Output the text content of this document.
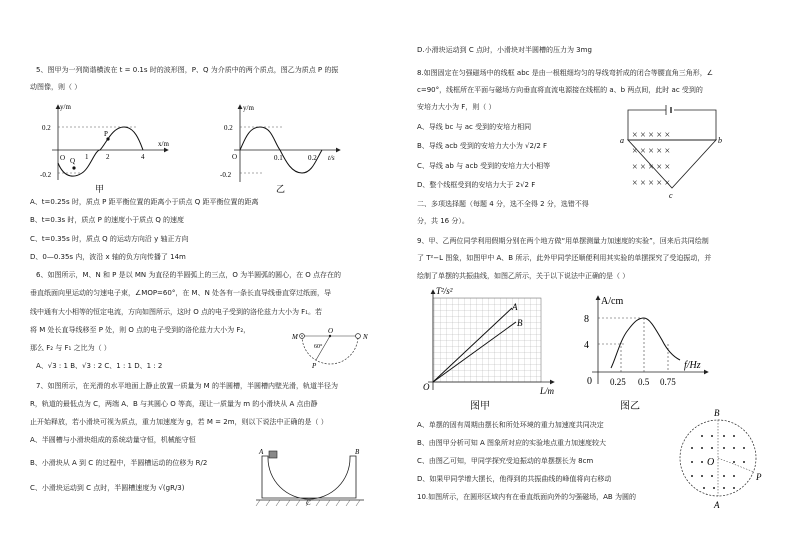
5、图甲为一列简谐横波在 t = 0.1s 时的波形图，P、Q 为介质中的两个质点，图乙为质点 P 的振
动图像，则（ ）
y/m
x/m
0.2
-0.2
O	1	2	4
P
Q
甲
y/m
t/s
0.2
-0.2
O	0.1	0.2
乙
A、t=0.25s 时，质点 P 距平衡位置的距离小于质点 Q 距平衡位置的距离
B、t=0.3s 时，质点 P 的速度小于质点 Q 的速度
C、t=0.35s 时，质点 Q 的运动方向沿 y 轴正方向
D、0—0.35s 内，波沿 x 轴的负方向传播了 14m
6、如图所示，M、N 和 P 是以 MN 为直径的半圆弧上的三点，O 为半圆弧的圆心，在 O 点存在的
垂直纸面向里运动的匀速电子束，∠MOP=60°，在 M、N 处各有一条长直导线垂直穿过纸面，导
线中通有大小相等的恒定电流，方向如图所示，这时 O 点的电子受到的洛伦兹力大小为 F₁。若
将 M 处长直导线移至 P 处，则 O 点的电子受到的洛伦兹力大小为 F₂，
那么 F₂ 与 F₁ 之比为（ ）
A、√3 : 1 B、√3 : 2 C、1 : 1 D、1 : 2
M	N
O
P
60°
7、如图所示，在光滑的水平地面上静止放置一质量为 M 的半圆槽，半圆槽内壁光滑，轨道半径为
R，轨道的最低点为 C，两端 A、B 与其圆心 O 等高，现让一质量为 m 的小滑块从 A 点由静
止开始释放，若小滑块可视为质点，重力加速度为 g，若 M = 2m，则以下说法中正确的是（ ）
A、半圆槽与小滑块组成的系统动量守恒，机械能守恒
B、小滑块从 A 到 C 的过程中，半圆槽运动的位移为 R/2
C、小滑块运动到 C 点时，半圆槽速度为 √(gR/3)
A	B
C
D.小滑块运动到 C 点时，小滑块对半圆槽的压力为 3mg
8.如图固定在匀强磁场中的线框 abc 是由一根粗细均匀的导线弯折成的闭合等腰直角三角形，∠
c=90°，线框所在平面与磁场方向垂直将直流电源接在线框的 a、b 两点间，此时 ac 受到的
安培力大小为 F，则（ ）
A、导线 bc 与 ac 受到的安培力相同
B、导线 acb 受到的安培力大小为 √2/2 F
C、导线 ab 与 acb 受到的安培力大小相等
D、整个线框受到的安培力大于 2√2 F
× × × × ×
× × × × ×
× × × × ×
× × × × ×
a	b
c
二、多项选择题（每题 4 分，选不全得 2 分，选错不得
分，共 16 分）。
9、甲、乙两位同学利用假期分别在两个地方做“用单摆测量力加速度的实验”，回来后共同绘制
了 T²−L 图象，如图甲中 A、B 所示，此外甲同学还顺便利用其实验的单摆探究了受迫振动，并
绘制了单摆的共振曲线，如图乙所示，关于以下说法中正确的是（ ）
T²/s²
L/m
O
A
B
图甲
A/cm
f/Hz
0
8
4
0.25 0.5 0.75
图乙
A、单摆的固有周期由摆长和所处环境的重力加速度共同决定
B、由图甲分析可知 A 图象所对应的实验地点重力加速度较大
C、由图乙可知，甲同学探究受迫振动的单摆摆长为 8cm
D、如果甲同学增大摆长，他得到的共振曲线的峰值将向右移动
10.如图所示，在圆形区域内有在垂直纸面向外的匀强磁场，AB 为圆的
B
A
O
P
